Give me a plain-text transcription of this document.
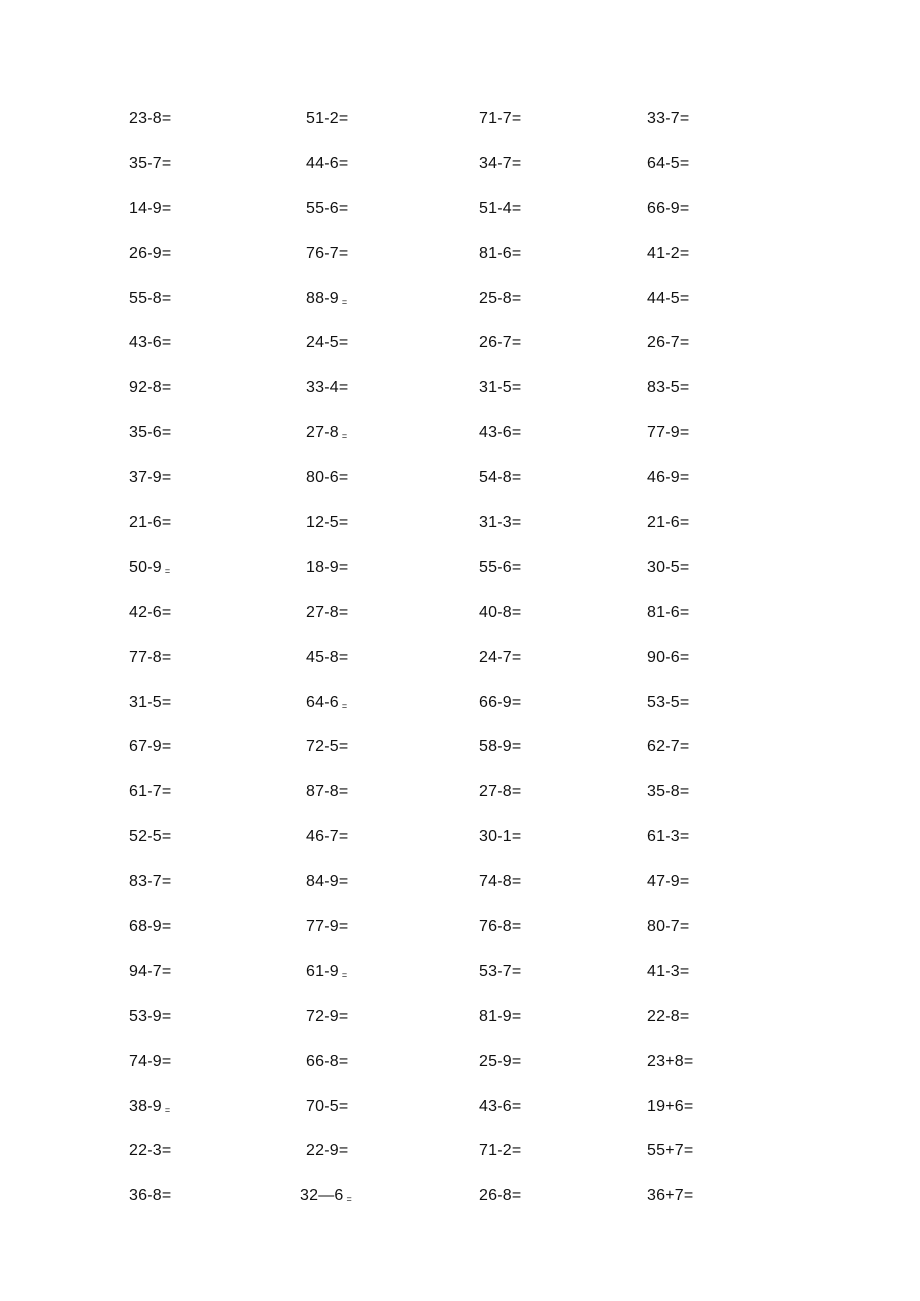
23-8=	51-2=	71-7=	33-7=
35-7=	44-6=	34-7=	64-5=
14-9=	55-6=	51-4=	66-9=
26-9=	76-7=	81-6=	41-2=
55-8=	88-9 =	25-8=	44-5=
43-6=	24-5=	26-7=	26-7=
92-8=	33-4=	31-5=	83-5=
35-6=	27-8 =	43-6=	77-9=
37-9=	80-6=	54-8=	46-9=
21-6=	12-5=	31-3=	21-6=
50-9 =	18-9=	55-6=	30-5=
42-6=	27-8=	40-8=	81-6=
77-8=	45-8=	24-7=	90-6=
31-5=	64-6 =	66-9=	53-5=
67-9=	72-5=	58-9=	62-7=
61-7=	87-8=	27-8=	35-8=
52-5=	46-7=	30-1=	61-3=
83-7=	84-9=	74-8=	47-9=
68-9=	77-9=	76-8=	80-7=
94-7=	61-9 =	53-7=	41-3=
53-9=	72-9=	81-9=	22-8=
74-9=	66-8=	25-9=	23+8=
38-9 =	70-5=	43-6=	19+6=
22-3=	22-9=	71-2=	55+7=
36-8=	32—6 =	26-8=	36+7=
